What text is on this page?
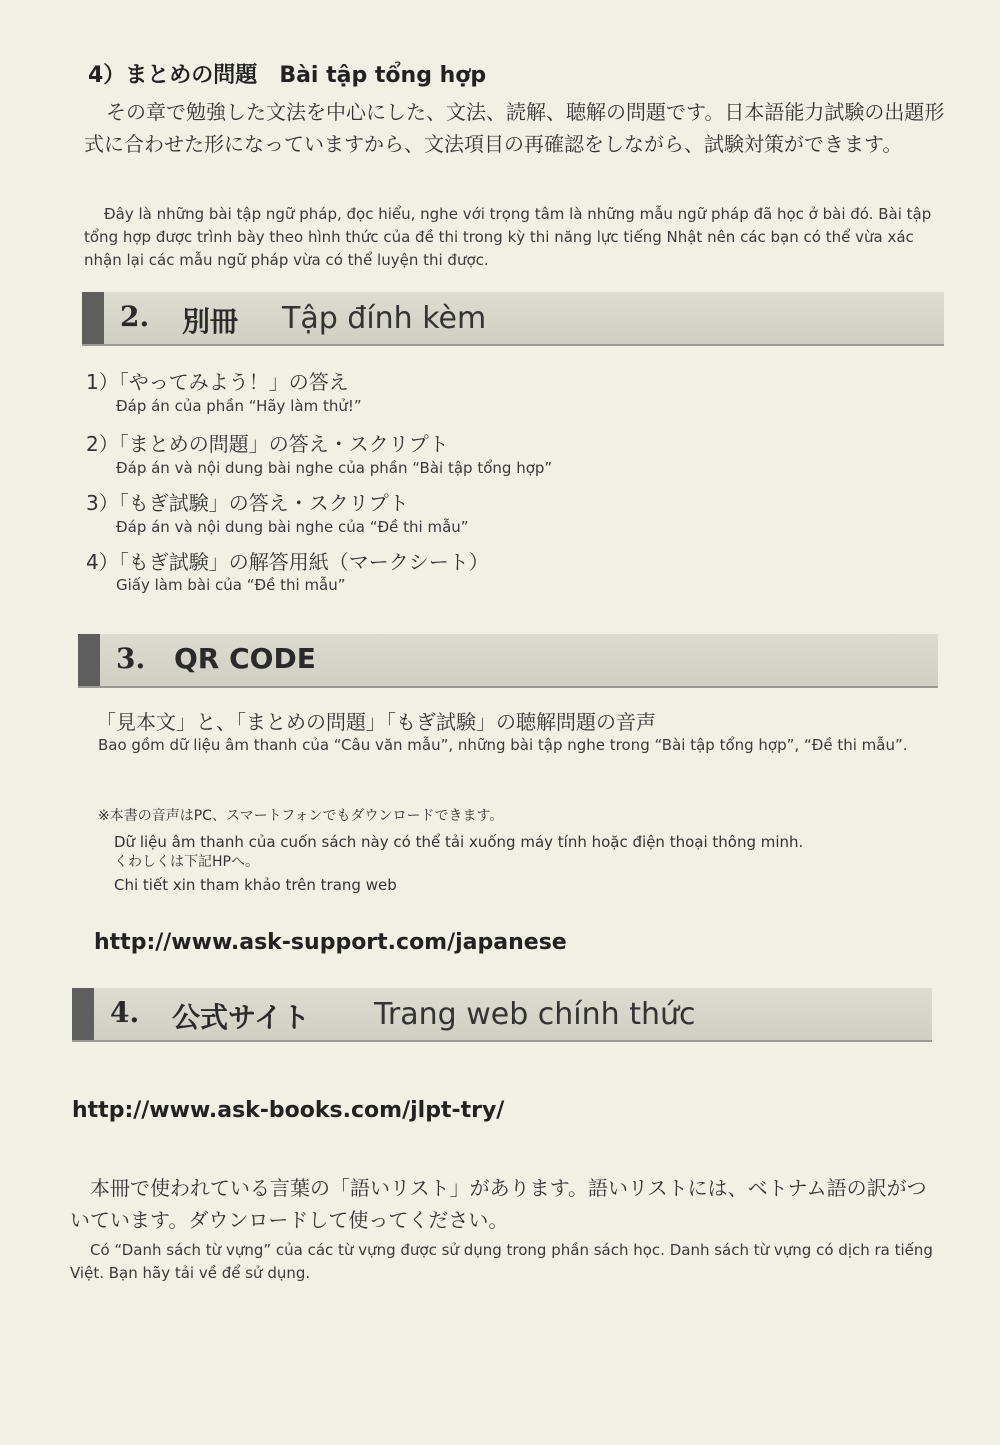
4）まとめの問題 Bài tập tổng hợp
その章で勉強した文法を中心にした、文法、読解、聴解の問題です。日本語能力試験の出題形式に合わせた形になっていますから、文法項目の再確認をしながら、試験対策ができます。
Đây là những bài tập ngữ pháp, đọc hiểu, nghe với trọng tâm là những mẫu ngữ pháp đã học ở bài đó. Bài tập tổng hợp được trình bày theo hình thức của đề thi trong kỳ thi năng lực tiếng Nhật nên các bạn có thể vừa xác nhận lại các mẫu ngữ pháp vừa có thể luyện thi được.
2. 別冊 Tập đính kèm
1）「やってみよう！」の答え
Đáp án của phần “Hãy làm thử!”
2）「まとめの問題」の答え・スクリプト
Đáp án và nội dung bài nghe của phần “Bài tập tổng hợp”
3）「もぎ試験」の答え・スクリプト
Đáp án và nội dung bài nghe của “Đề thi mẫu”
4）「もぎ試験」の解答用紙（マークシート）
Giấy làm bài của “Đề thi mẫu”
3. QR CODE
「見本文」と、「まとめの問題」「もぎ試験」の聴解問題の音声
Bao gồm dữ liệu âm thanh của “Câu văn mẫu”, những bài tập nghe trong “Bài tập tổng hợp”, “Đề thi mẫu”.
※本書の音声はPC、スマートフォンでもダウンロードできます。
Dữ liệu âm thanh của cuốn sách này có thể tải xuống máy tính hoặc điện thoại thông minh.
くわしくは下記HPへ。
Chi tiết xin tham khảo trên trang web
http://www.ask-support.com/japanese
4. 公式サイト Trang web chính thức
http://www.ask-books.com/jlpt-try/
本冊で使われている言葉の「語いリスト」があります。語いリストには、ベトナム語の訳がついています。ダウンロードして使ってください。
Có “Danh sách từ vựng” của các từ vựng được sử dụng trong phần sách học. Danh sách từ vựng có dịch ra tiếng Việt. Bạn hãy tải về để sử dụng.
